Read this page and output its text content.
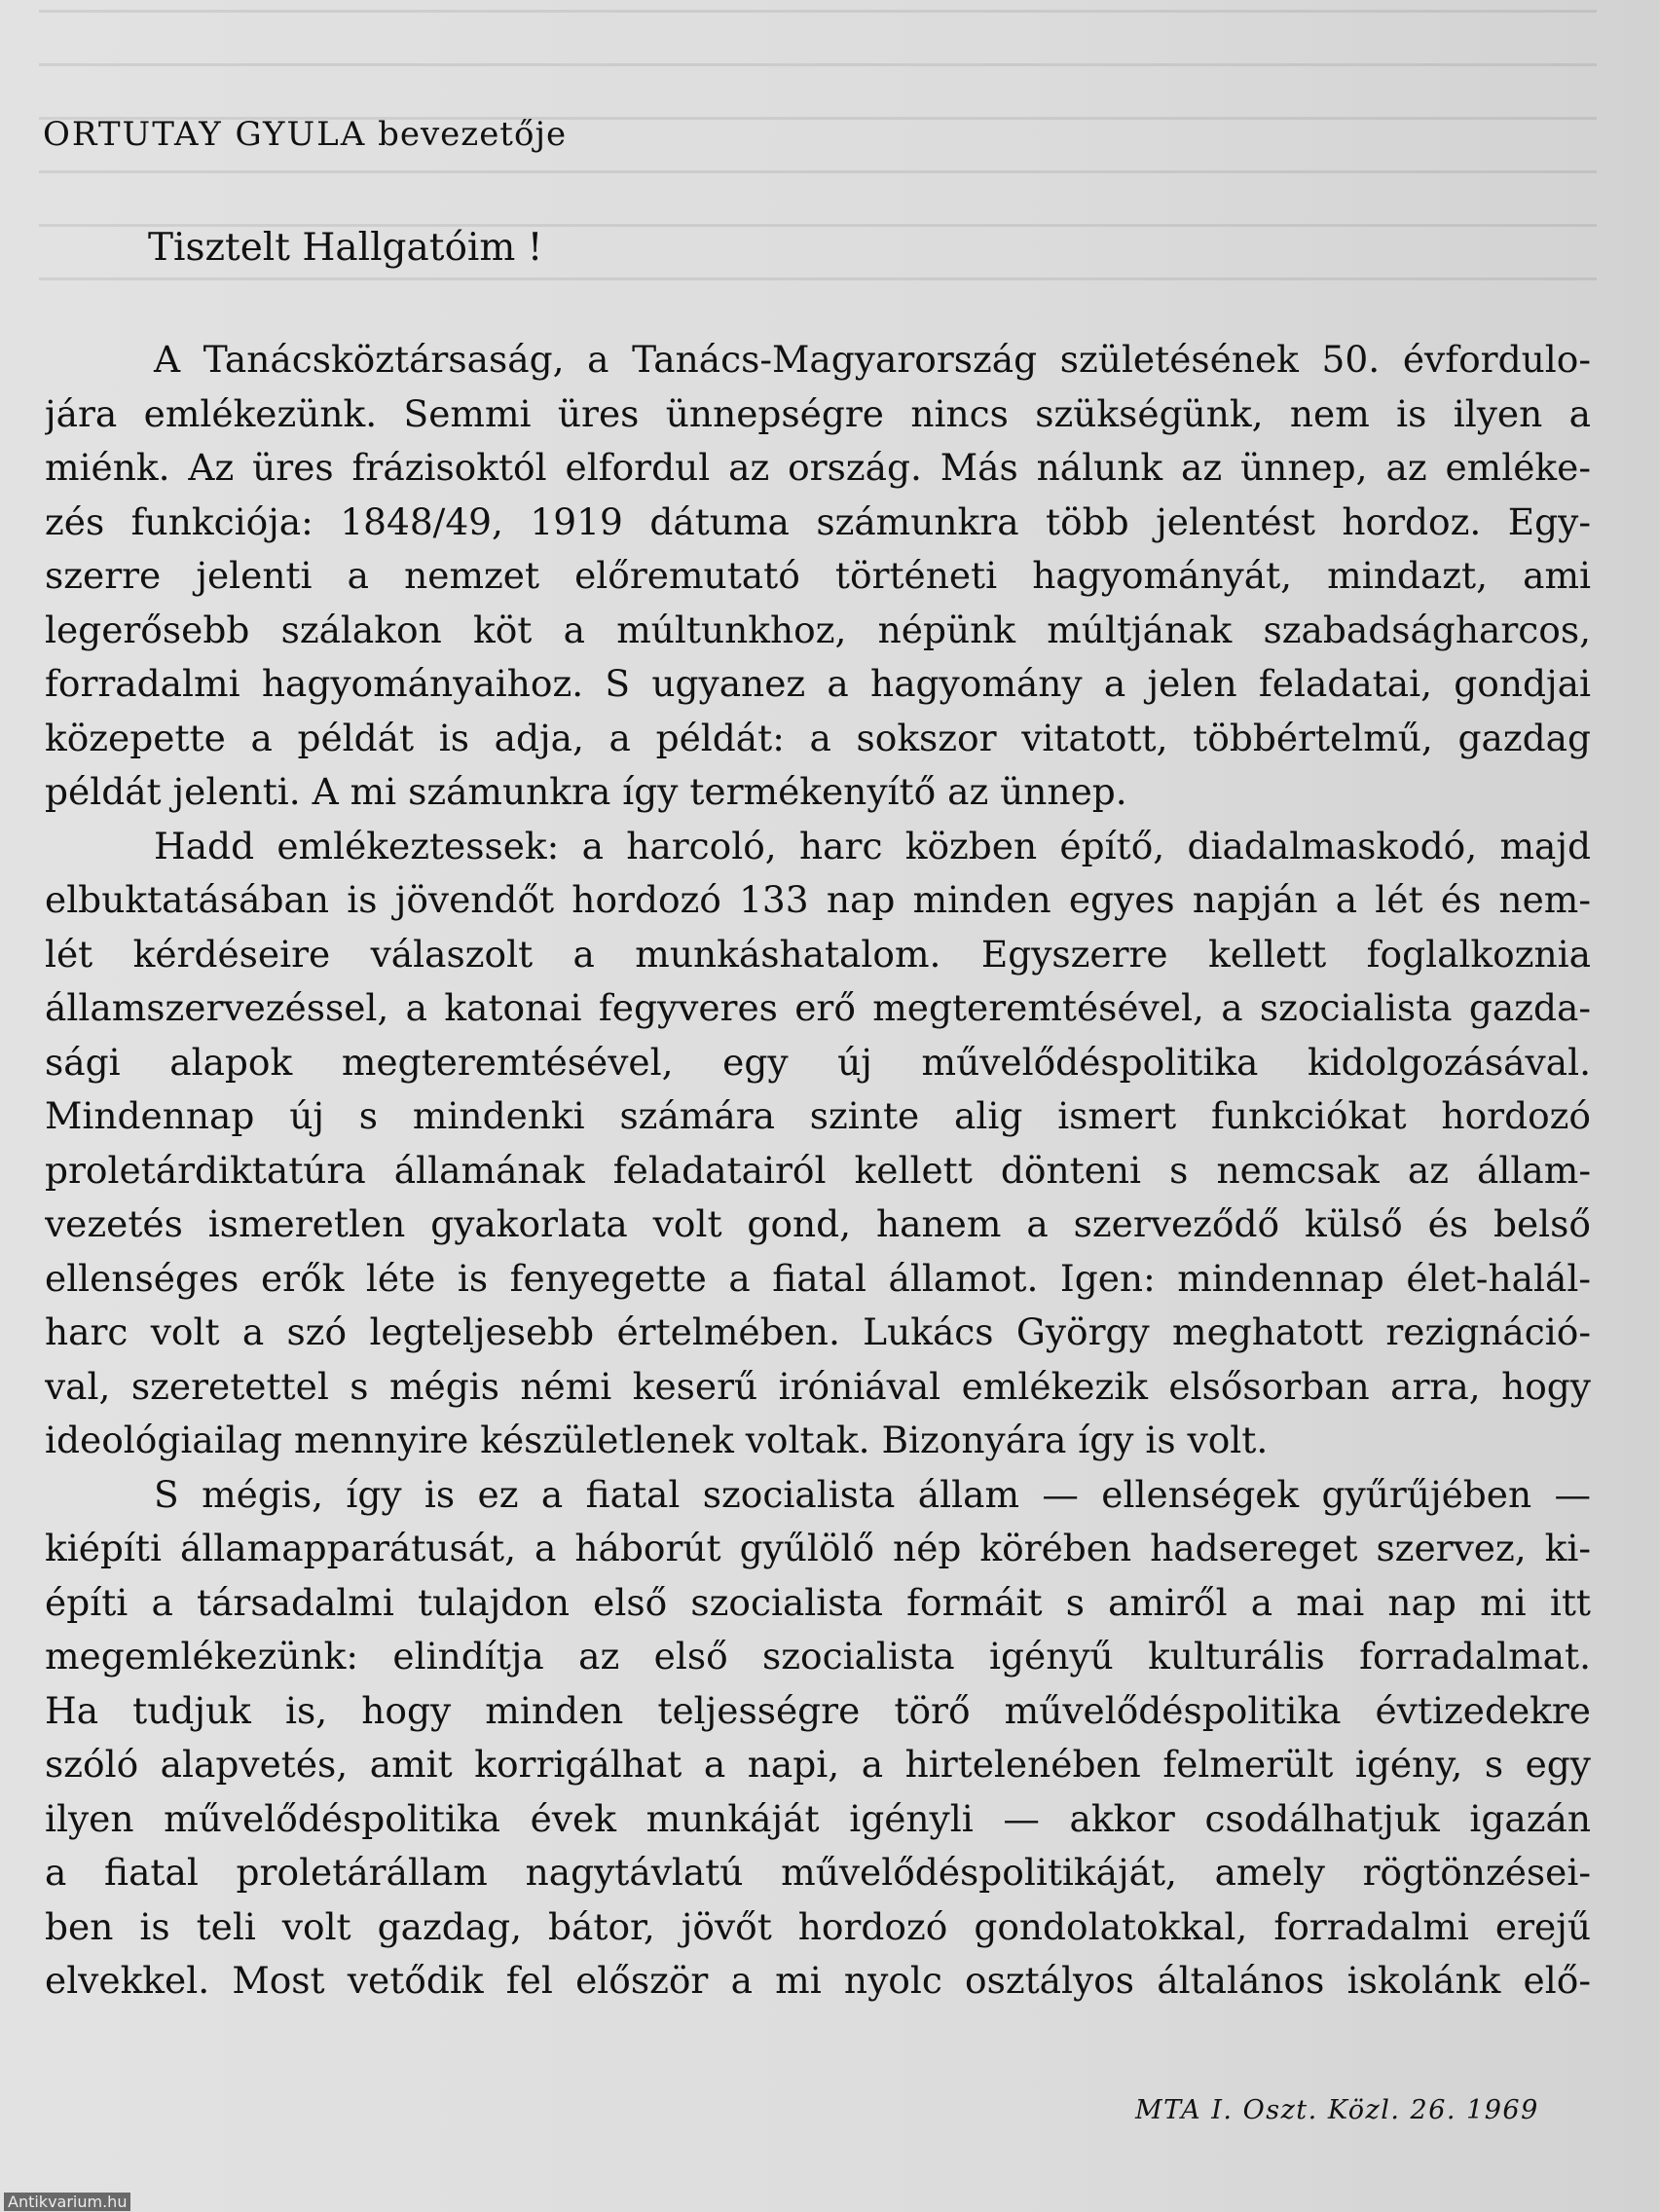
ORTUTAY GYULA bevezetője
Tisztelt Hallgatóim !
A Tanácsköztársaság, a Tanács-Magyarország születésének 50. évfordulo-
jára emlékezünk. Semmi üres ünnepségre nincs szükségünk, nem is ilyen a
miénk. Az üres frázisoktól elfordul az ország. Más nálunk az ünnep, az emléke-
zés funkciója: 1848/49, 1919 dátuma számunkra több jelentést hordoz. Egy-
szerre jelenti a nemzet előremutató történeti hagyományát, mindazt, ami
legerősebb szálakon köt a múltunkhoz, népünk múltjának szabadságharcos,
forradalmi hagyományaihoz. S ugyanez a hagyomány a jelen feladatai, gondjai
közepette a példát is adja, a példát: a sokszor vitatott, többértelmű, gazdag
példát jelenti. A mi számunkra így termékenyítő az ünnep.
Hadd emlékeztessek: a harcoló, harc közben építő, diadalmaskodó, majd
elbuktatásában is jövendőt hordozó 133 nap minden egyes napján a lét és nem-
lét kérdéseire válaszolt a munkáshatalom. Egyszerre kellett foglalkoznia
államszervezéssel, a katonai fegyveres erő megteremtésével, a szocialista gazda-
sági alapok megteremtésével, egy új művelődéspolitika kidolgozásával.
Mindennap új s mindenki számára szinte alig ismert funkciókat hordozó
proletárdiktatúra államának feladatairól kellett dönteni s nemcsak az állam-
vezetés ismeretlen gyakorlata volt gond, hanem a szerveződő külső és belső
ellenséges erők léte is fenyegette a fiatal államot. Igen: mindennap élet-halál-
harc volt a szó legteljesebb értelmében. Lukács György meghatott rezignáció-
val, szeretettel s mégis némi keserű iróniával emlékezik elsősorban arra, hogy
ideológiailag mennyire készületlenek voltak. Bizonyára így is volt.
S mégis, így is ez a fiatal szocialista állam — ellenségek gyűrűjében —
kiépíti államapparátusát, a háborút gyűlölő nép körében hadsereget szervez, ki-
építi a társadalmi tulajdon első szocialista formáit s amiről a mai nap mi itt
megemlékezünk: elindítja az első szocialista igényű kulturális forradalmat.
Ha tudjuk is, hogy minden teljességre törő művelődéspolitika évtizedekre
szóló alapvetés, amit korrigálhat a napi, a hirtelenében felmerült igény, s egy
ilyen művelődéspolitika évek munkáját igényli — akkor csodálhatjuk igazán
a fiatal proletárállam nagytávlatú művelődéspolitikáját, amely rögtönzései-
ben is teli volt gazdag, bátor, jövőt hordozó gondolatokkal, forradalmi erejű
elvekkel. Most vetődik fel először a mi nyolc osztályos általános iskolánk elő-
MTA I. Oszt. Közl. 26. 1969
Antikvarium.hu
